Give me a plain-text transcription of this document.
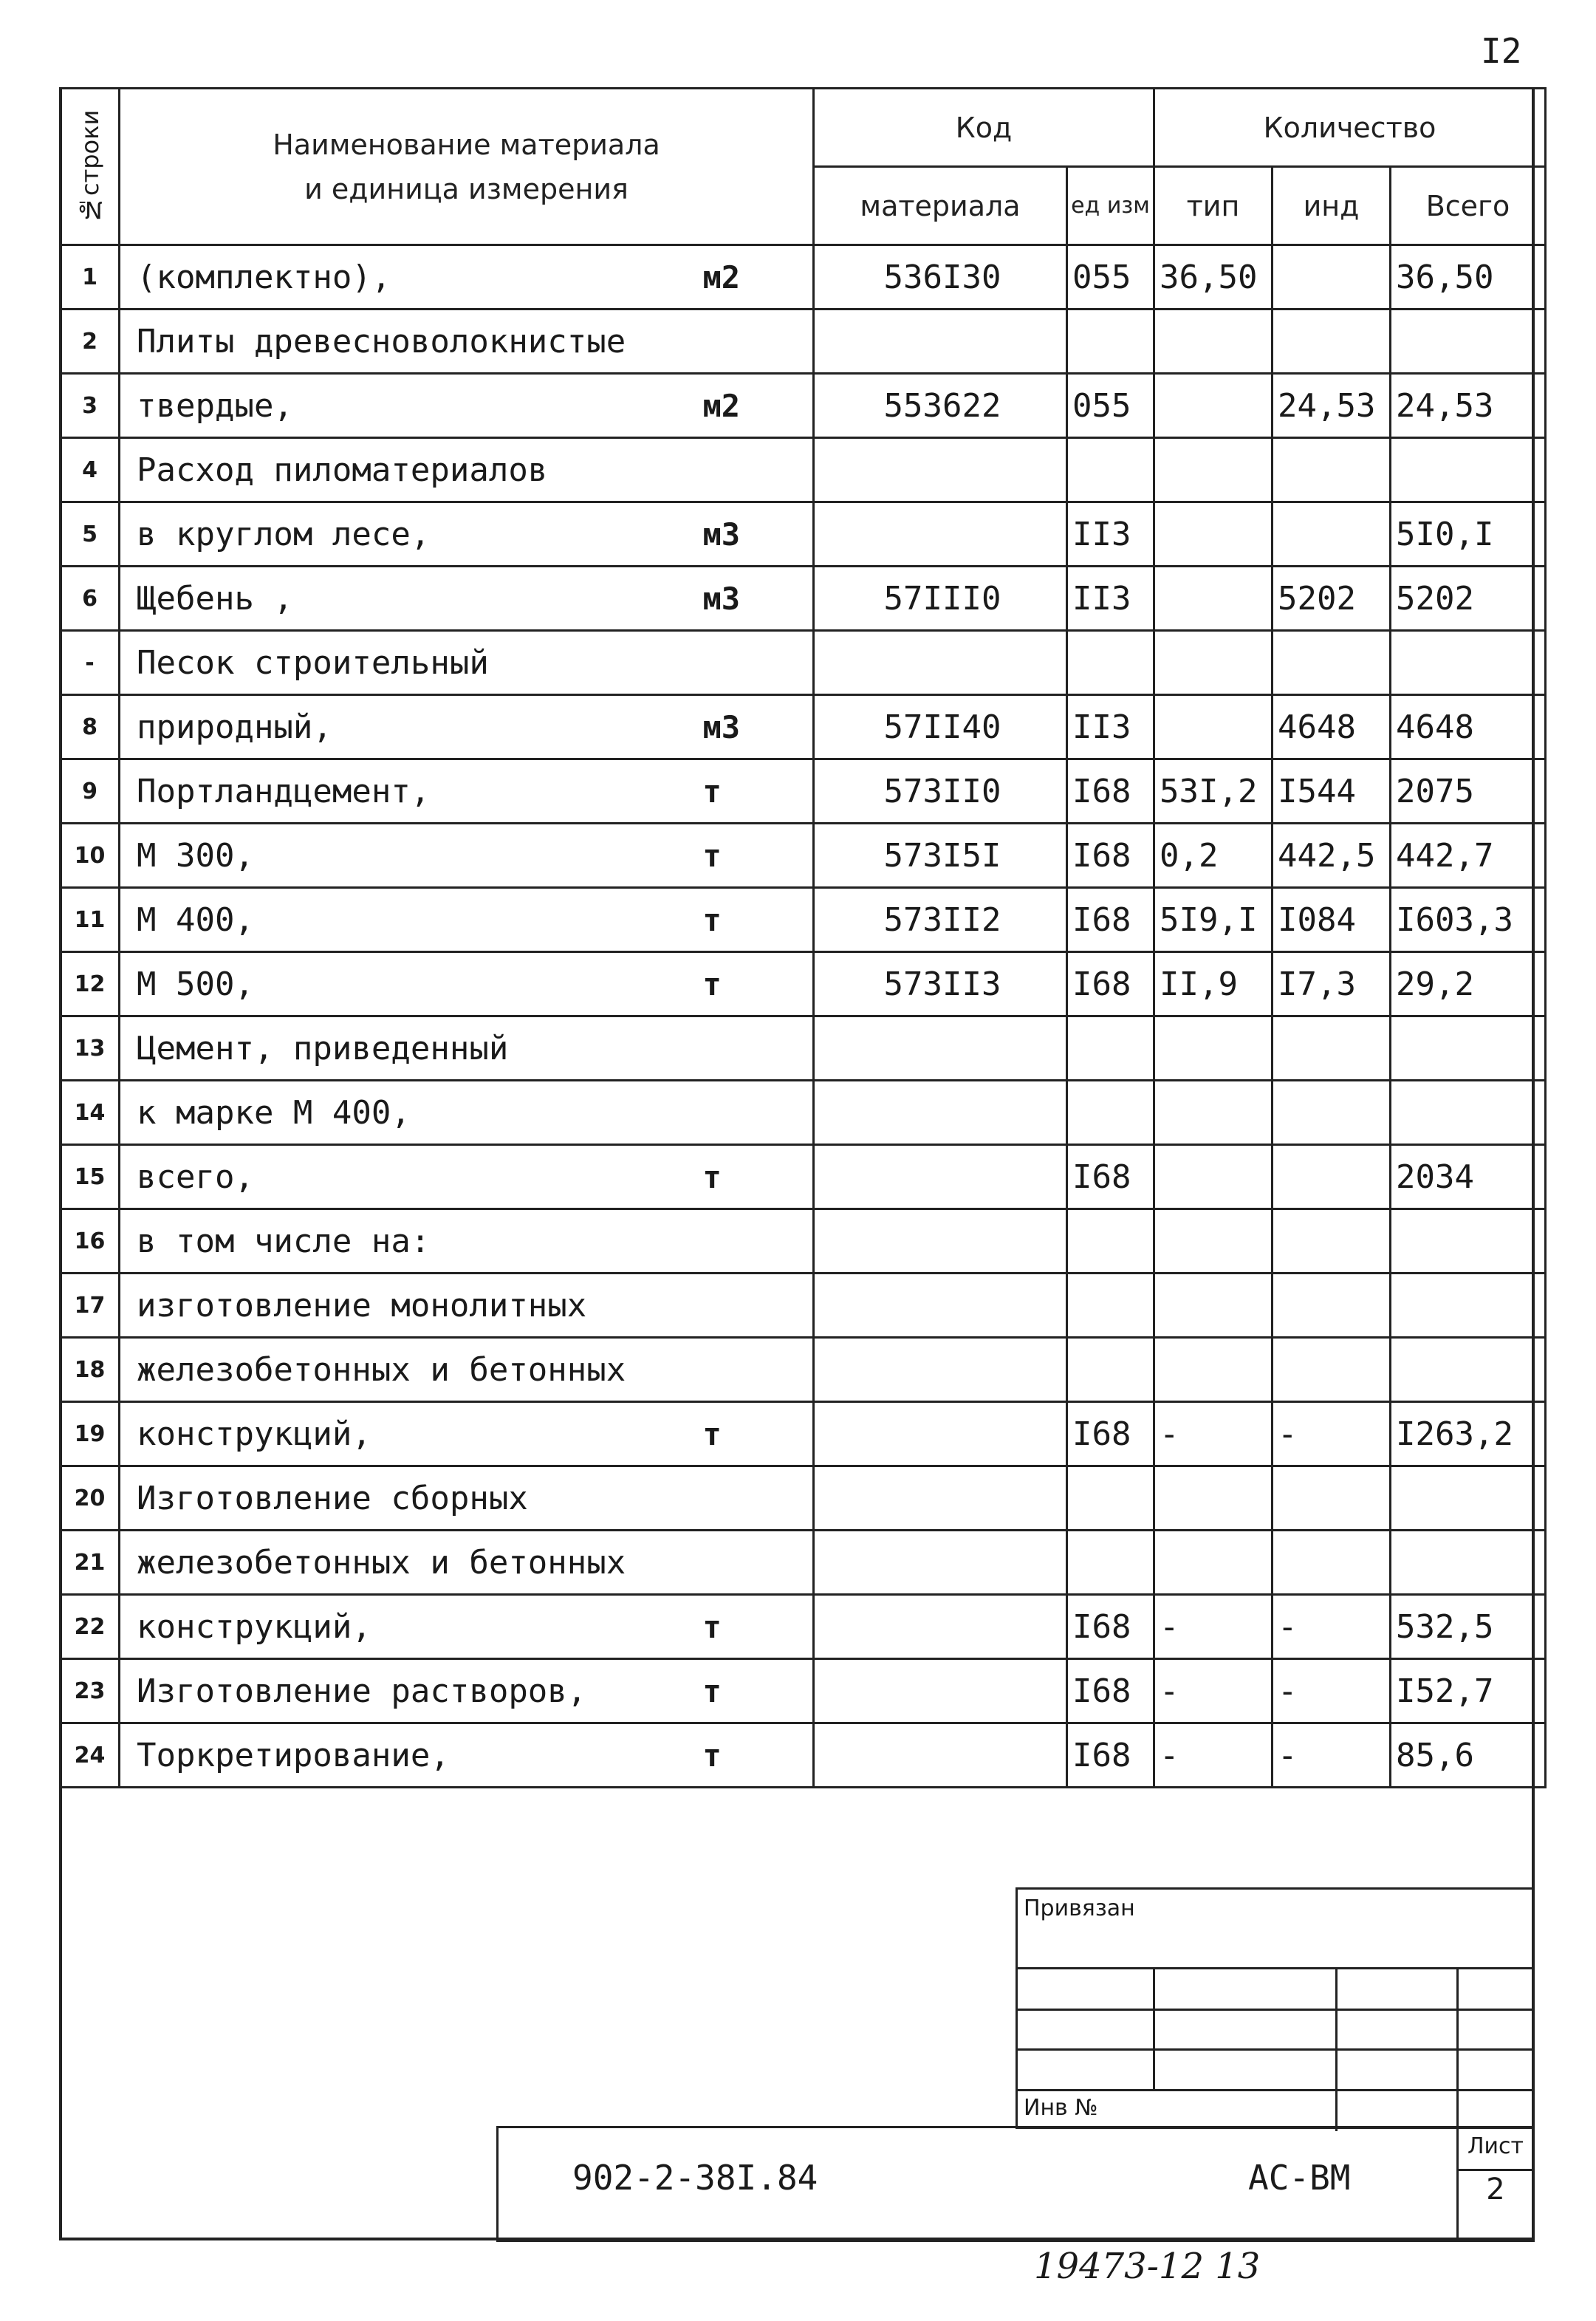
I2
№строки	Наименование материала
и единица измерения		Код		Количество		
			материала	ед изм	тип	инд	Всего
1	(комплектно),	м2	536I30	055	36,50		36,50
2	Плиты древесноволокнистые						
3	твердые,	м2	553622	055		24,53	24,53
4	Расход пиломатериалов						
5	в круглом лесе,	м3		II3			5I0,I
6	Щебень ,	м3	57III0	II3		5202	5202
-	Песок строительный						
8	природный,	м3	57II40	II3		4648	4648
9	Портландцемент,	т	573II0	I68	53I,2	I544	2075
10	М 300,	т	573I5I	I68	0,2	442,5	442,7
11	М 400,	т	573II2	I68	5I9,I	I084	I603,3
12	М 500,	т	573II3	I68	II,9	I7,3	29,2
13	Цемент, приведенный						
14	к марке М 400,						
15	всего,	т		I68			2034
16	в том числе на:						
17	изготовление монолитных						
18	железобетонных и бетонных						
19	конструкций,	т		I68	-	-	I263,2
20	Изготовление сборных						
21	железобетонных и бетонных						
22	конструкций,	т		I68	-	-	532,5
23	Изготовление растворов,	т		I68	-	-	I52,7
24	Торкретирование,	т		I68	-	-	85,6
Привязан
Инв №
902-2-38I.84	АС-ВМ
Лист
2
19473-12 13
